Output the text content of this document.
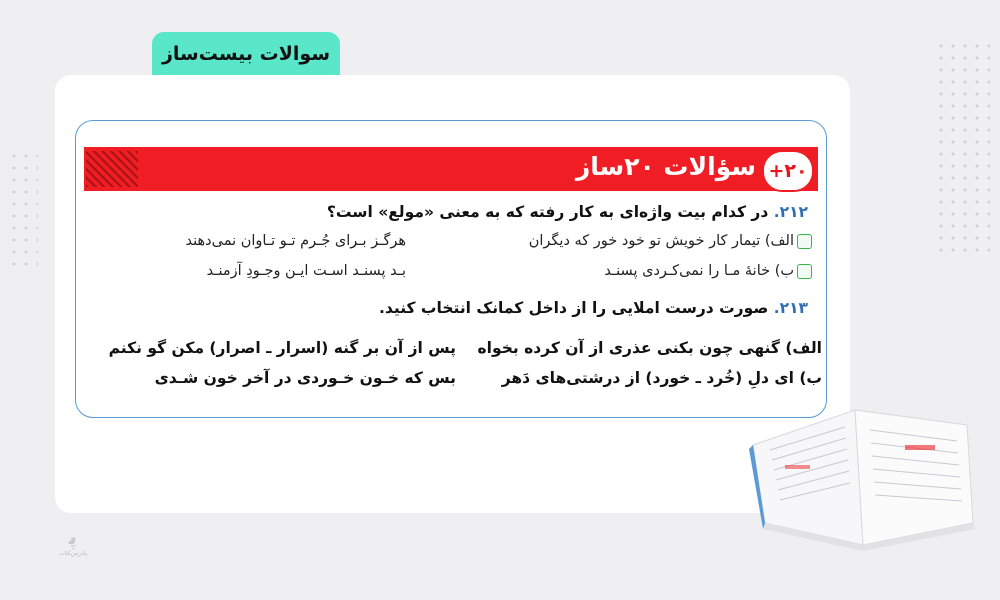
سوالات بیست‌ساز
+۲۰
سؤالات ۲۰ساز
۲۱۲. در کدام بیت واژه‌ای به کار رفته که به معنی «مولع» است؟
الف) تیمار کار خویش تو خود خور که دیگران
هرگـز بـرای جُـرم تـو تـاوان نمی‌دهند
ب) خانهٔ مـا را نمی‌کـردی پسنـد
بـد پسنـد اسـت ایـن وجـودِ آزمنـد
۲۱۳. صورت درست املایی را از داخل کمانک انتخاب کنید.
الف) گنهی چون بکنی عذری از آن کرده بخواه
پس از آن بر گنه (اسرار ـ اصرار) مکن گو نکنم
ب) ای دلِ (خُرد ـ خورد) از درشتی‌های دَهر
بس که خـون خـوردی در آخر خون شـدی
ﭘ
پادرس‌کتاب
